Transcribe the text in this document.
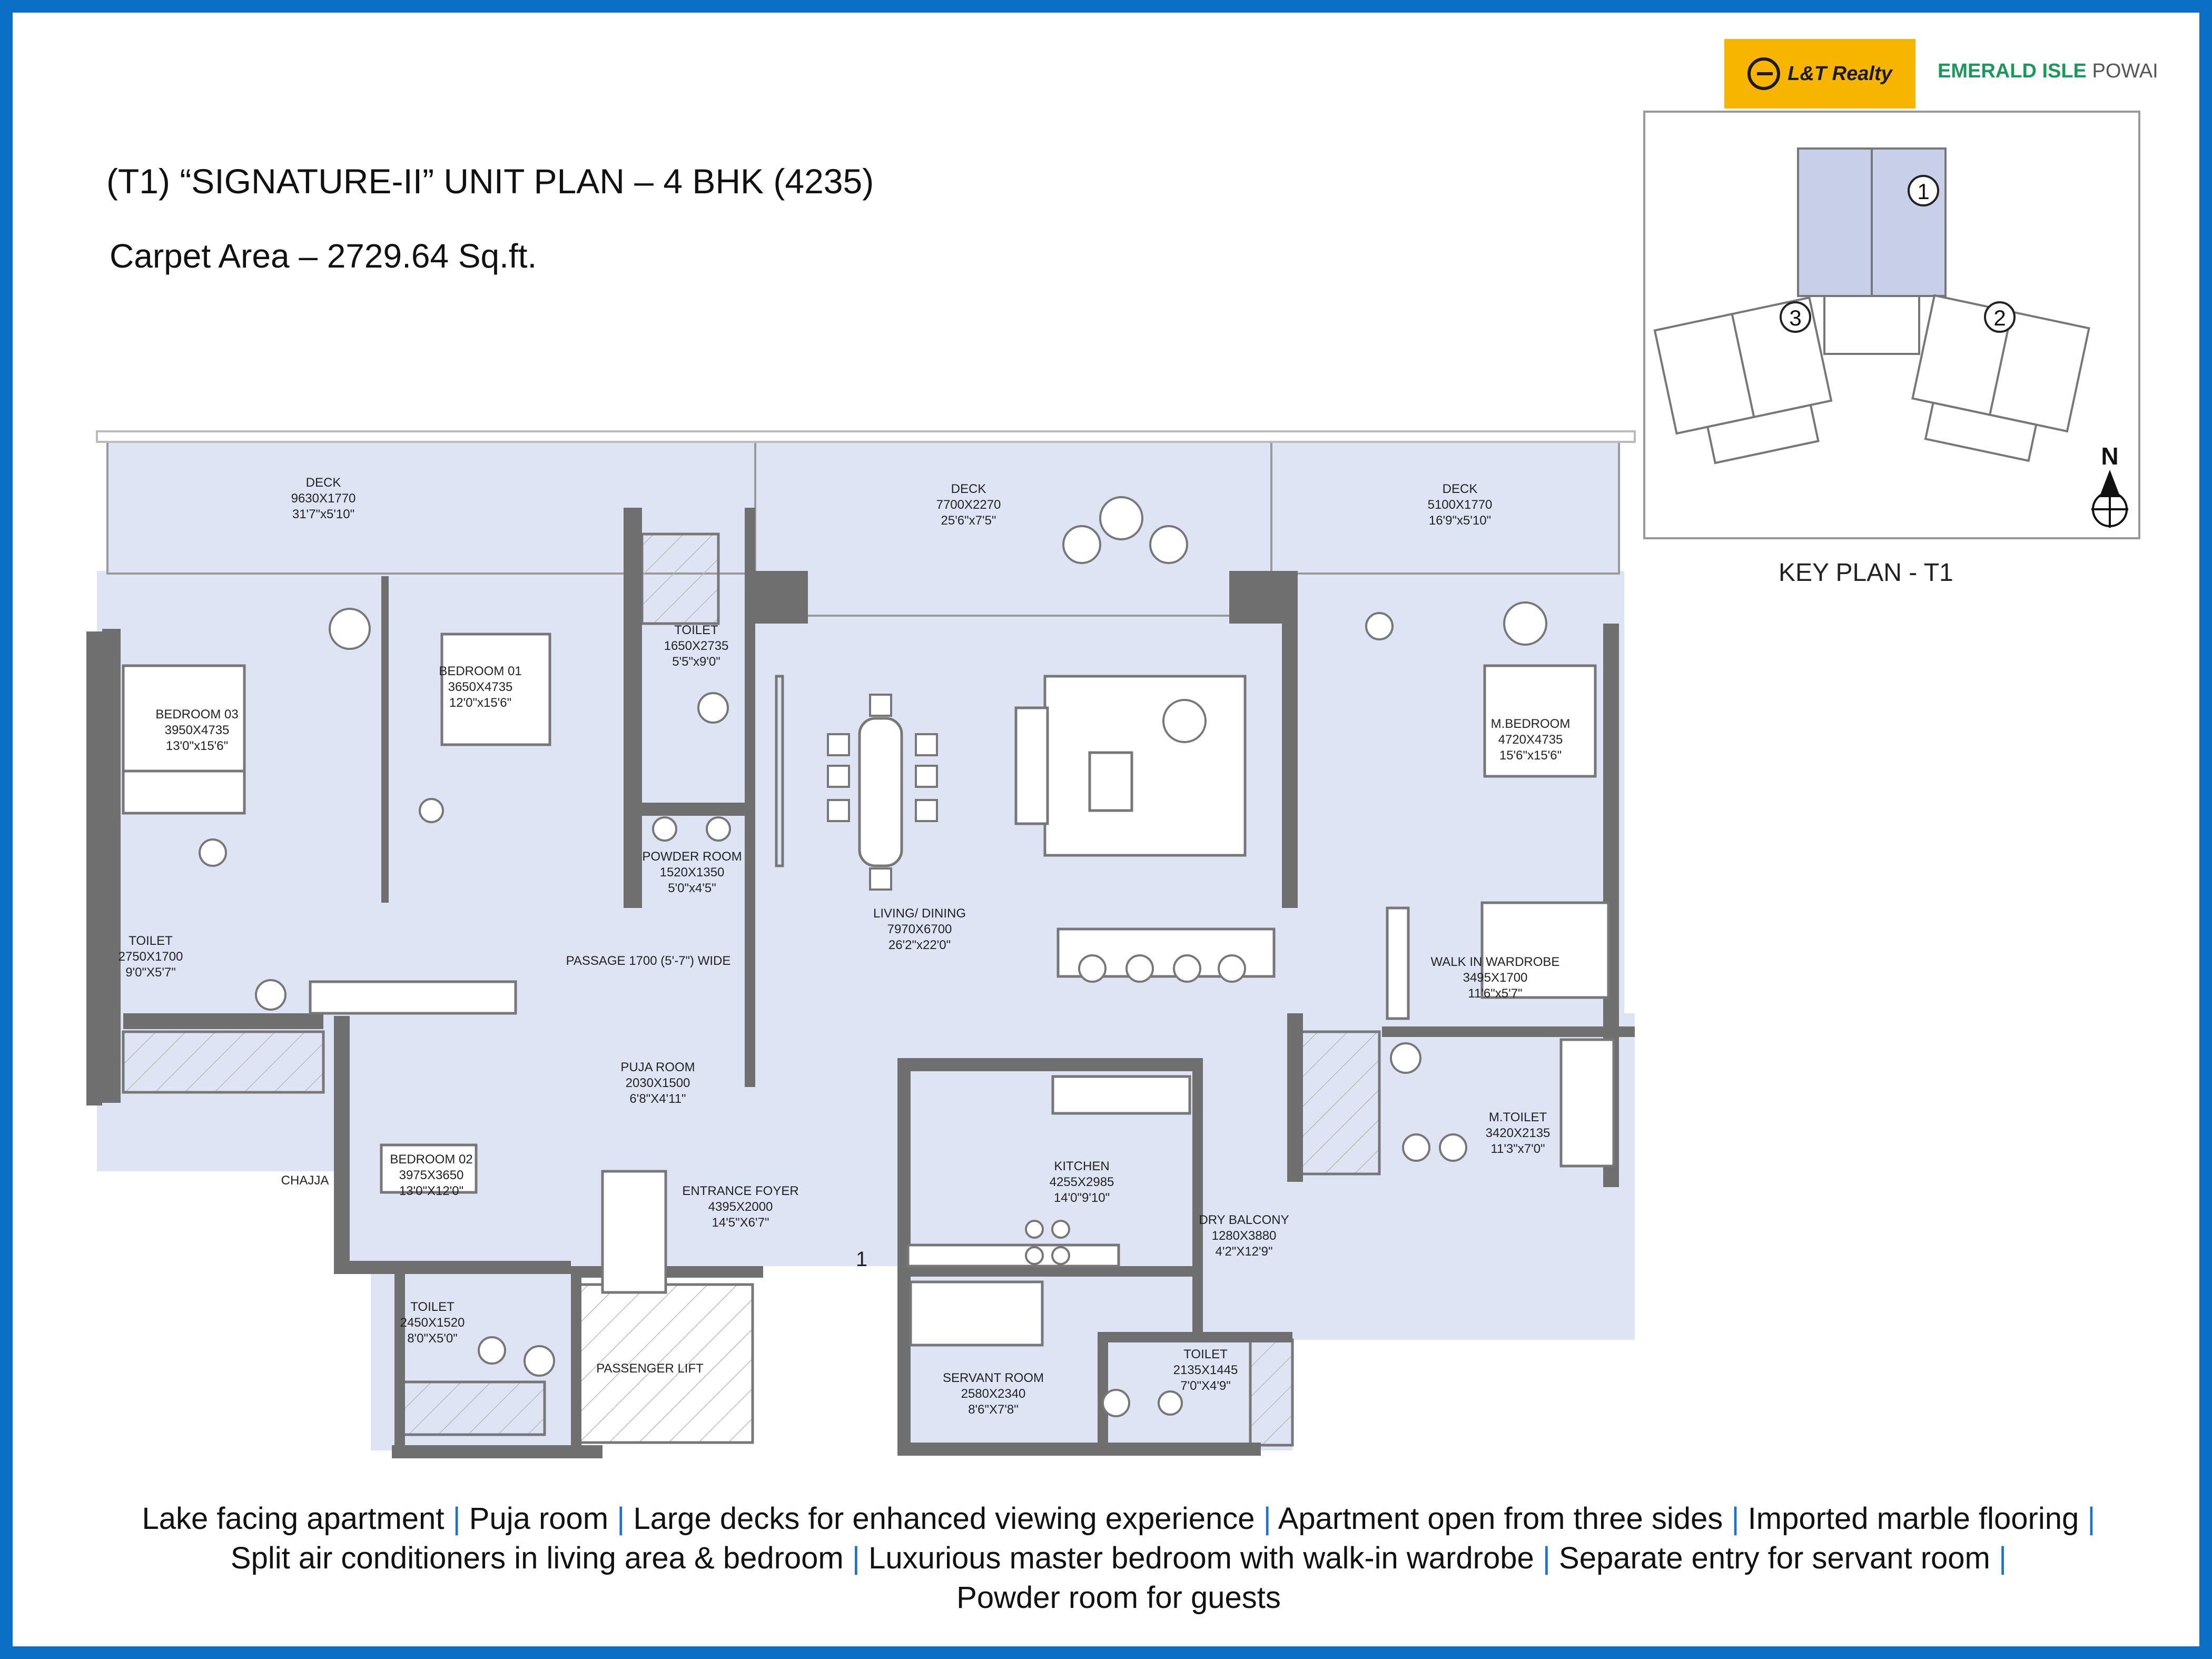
(T1) “SIGNATURE-II” UNIT PLAN – 4 BHK (4235)
Carpet Area – 2729.64 Sq.ft.
L&T Realty EMERALD ISLE POWAI
1
2
3
N
KEY PLAN - T1
DECK
9630X1770
31'7"x5'10"
DECK
7700X2270
25'6"x7'5"
DECK
5100X1770
16'9"x5'10"
TOILET
1650X2735
5'5"x9'0"
BEDROOM 01
3650X4735
12'0"x15'6"
BEDROOM 03
3950X4735
13'0"x15'6"
POWDER ROOM
1520X1350
5'0"x4'5"
M.BEDROOM
4720X4735
15'6"x15'6"
LIVING/ DINING
7970X6700
26'2"x22'0"
TOILET
2750X1700
9'0"X5'7"
PASSAGE 1700 (5'-7") WIDE	WALK IN WARDROBE
3495X1700
11'6"x5'7"
PUJA ROOM
2030X1500
6'8"X4'11"
M.TOILET
3420X2135
11'3"x7'0"
BEDROOM 02
3975X3650
13'0"X12'0"
CHAJJA
ENTRANCE FOYER
4395X2000
14'5"X6'7"
KITCHEN
4255X2985
14'0"9'10"
DRY BALCONY
1280X3880
4'2"X12'9"
TOILET
2450X1520
8'0"X5'0"
PASSENGER LIFT
SERVANT ROOM
2580X2340
8'6"X7'8"
TOILET
2135X1445
7'0"X4'9"
1
Lake facing apartment | Puja room | Large decks for enhanced viewing experience | Apartment open from three sides | Imported marble flooring |
Split air conditioners in living area & bedroom | Luxurious master bedroom with walk-in wardrobe | Separate entry for servant room |
Powder room for guests
